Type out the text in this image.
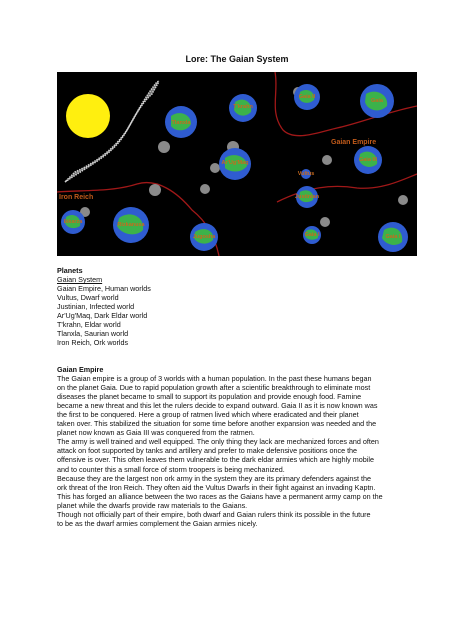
Lore: The Gaian System
Tlanxla
T'krahn
Ar'Ug'Maq
Gaia II
Gaia
Gaia III
Justinian
Vultus
Gaia I	Gaia I
Ikkarza	Rizkanusa
Jugosha
Gaian Empire
Iron Reich

Planets

Gaian System

Gaian Empire, Human worlds

Vultus, Dwarf world

Justinian, Infected world

Ar'Ug'Maq, Dark Eldar world

T'krahn, Eldar world

Tlanxla, Saurian world

Iron Reich, Ork worlds

Gaian Empire

The Gaian empire is a group of 3 worlds with a human population. In the past these humans began

on the planet Gaia. Due to rapid population growth after a scientific breakthrough to eliminate most

diseases the planet became to small to support its population and provide enough food. Famine

became a new threat and this let the rulers decide to expand outward. Gaia II as it is now known was

the first to be conquered. Here a group of ratmen lived which where eradicated and their planet

taken over. This stabilized the situation for some time before another expansion was needed and the

planet now known as Gaia III was conquered from the ratmen.

The army is well trained and well equipped. The only thing they lack are mechanized forces and often

attack on foot supported by tanks and artillery and prefer to make defensive positions once the

offensive is over. This often leaves them vulnerable to the dark eldar armies which are highly mobile

and to counter this a small force of storm troopers is being mechanized.

Because they are the largest non ork army in the system they are its primary defenders against the

ork threat of the Iron Reich. They often aid the Vultus Dwarfs in their fight against an invading Kaptn.

This has forged an alliance between the two races as the Gaians have a permanent army camp on the

planet while the dwarfs provide raw materials to the Gaians.

Though not officially part of their empire, both dwarf and Gaian rulers think its possible in the future

to be as the dwarf armies complement the Gaian armies nicely.
